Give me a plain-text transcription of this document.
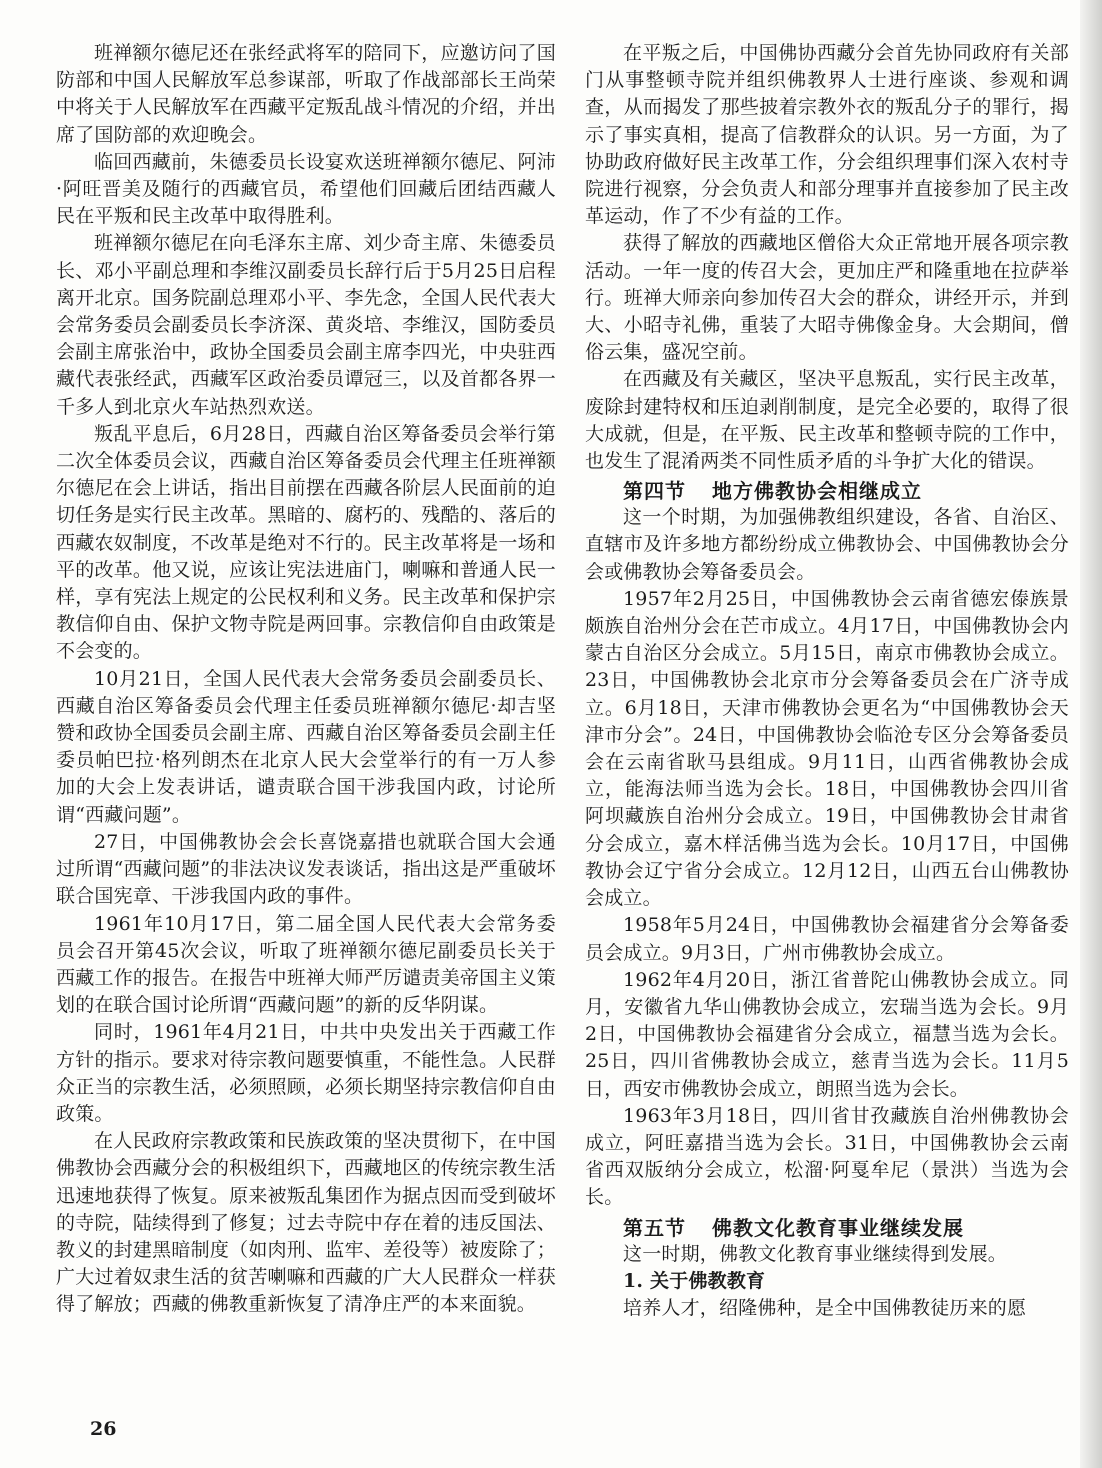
班禅额尔德尼还在张经武将军的陪同下，应邀访问了国防部和中国人民解放军总参谋部，听取了作战部部长王尚荣中将关于人民解放军在西藏平定叛乱战斗情况的介绍，并出席了国防部的欢迎晚会。

临回西藏前，朱德委员长设宴欢送班禅额尔德尼、阿沛·阿旺晋美及随行的西藏官员，希望他们回藏后团结西藏人民在平叛和民主改革中取得胜利。

班禅额尔德尼在向毛泽东主席、刘少奇主席、朱德委员长、邓小平副总理和李维汉副委员长辞行后于5月25日启程离开北京。国务院副总理邓小平、李先念，全国人民代表大会常务委员会副委员长李济深、黄炎培、李维汉，国防委员会副主席张治中，政协全国委员会副主席李四光，中央驻西藏代表张经武，西藏军区政治委员谭冠三，以及首都各界一千多人到北京火车站热烈欢送。

叛乱平息后，6月28日，西藏自治区筹备委员会举行第二次全体委员会议，西藏自治区筹备委员会代理主任班禅额尔德尼在会上讲话，指出目前摆在西藏各阶层人民面前的迫切任务是实行民主改革。黑暗的、腐朽的、残酷的、落后的西藏农奴制度，不改革是绝对不行的。民主改革将是一场和平的改革。他又说，应该让宪法进庙门，喇嘛和普通人民一样，享有宪法上规定的公民权利和义务。民主改革和保护宗教信仰自由、保护文物寺院是两回事。宗教信仰自由政策是不会变的。

10月21日，全国人民代表大会常务委员会副委员长、西藏自治区筹备委员会代理主任委员班禅额尔德尼·却吉坚赞和政协全国委员会副主席、西藏自治区筹备委员会副主任委员帕巴拉·格列朗杰在北京人民大会堂举行的有一万人参加的大会上发表讲话，谴责联合国干涉我国内政，讨论所谓“西藏问题”。

27日，中国佛教协会会长喜饶嘉措也就联合国大会通过所谓“西藏问题”的非法决议发表谈话，指出这是严重破坏联合国宪章、干涉我国内政的事件。

1961年10月17日，第二届全国人民代表大会常务委员会召开第45次会议，听取了班禅额尔德尼副委员长关于西藏工作的报告。在报告中班禅大师严厉谴责美帝国主义策划的在联合国讨论所谓“西藏问题”的新的反华阴谋。

同时，1961年4月21日，中共中央发出关于西藏工作方针的指示。要求对待宗教问题要慎重，不能性急。人民群众正当的宗教生活，必须照顾，必须长期坚持宗教信仰自由政策。

在人民政府宗教政策和民族政策的坚决贯彻下，在中国佛教协会西藏分会的积极组织下，西藏地区的传统宗教生活迅速地获得了恢复。原来被叛乱集团作为据点因而受到破坏的寺院，陆续得到了修复；过去寺院中存在着的违反国法、教义的封建黑暗制度（如肉刑、监牢、差役等）被废除了；广大过着奴隶生活的贫苦喇嘛和西藏的广大人民群众一样获得了解放；西藏的佛教重新恢复了清净庄严的本来面貌。

在平叛之后，中国佛协西藏分会首先协同政府有关部门从事整顿寺院并组织佛教界人士进行座谈、参观和调查，从而揭发了那些披着宗教外衣的叛乱分子的罪行，揭示了事实真相，提高了信教群众的认识。另一方面，为了协助政府做好民主改革工作，分会组织理事们深入农村寺院进行视察，分会负责人和部分理事并直接参加了民主改革运动，作了不少有益的工作。

获得了解放的西藏地区僧俗大众正常地开展各项宗教活动。一年一度的传召大会，更加庄严和隆重地在拉萨举行。班禅大师亲向参加传召大会的群众，讲经开示，并到大、小昭寺礼佛，重装了大昭寺佛像金身。大会期间，僧俗云集，盛况空前。

在西藏及有关藏区，坚决平息叛乱，实行民主改革，废除封建特权和压迫剥削制度，是完全必要的，取得了很大成就，但是，在平叛、民主改革和整顿寺院的工作中，也发生了混淆两类不同性质矛盾的斗争扩大化的错误。

第四节 地方佛教协会相继成立

这一个时期，为加强佛教组织建设，各省、自治区、直辖市及许多地方都纷纷成立佛教协会、中国佛教协会分会或佛教协会筹备委员会。

1957年2月25日，中国佛教协会云南省德宏傣族景颇族自治州分会在芒市成立。4月17日，中国佛教协会内蒙古自治区分会成立。5月15日，南京市佛教协会成立。23日，中国佛教协会北京市分会筹备委员会在广济寺成立。6月18日，天津市佛教协会更名为“中国佛教协会天津市分会”。24日，中国佛教协会临沧专区分会筹备委员会在云南省耿马县组成。9月11日，山西省佛教协会成立，能海法师当选为会长。18日，中国佛教协会四川省阿坝藏族自治州分会成立。19日，中国佛教协会甘肃省分会成立，嘉木样活佛当选为会长。10月17日，中国佛教协会辽宁省分会成立。12月12日，山西五台山佛教协会成立。

1958年5月24日，中国佛教协会福建省分会筹备委员会成立。9月3日，广州市佛教协会成立。

1962年4月20日，浙江省普陀山佛教协会成立。同月，安徽省九华山佛教协会成立，宏瑞当选为会长。9月2日，中国佛教协会福建省分会成立，福慧当选为会长。25日，四川省佛教协会成立，慈青当选为会长。11月5日，西安市佛教协会成立，朗照当选为会长。

1963年3月18日，四川省甘孜藏族自治州佛教协会成立，阿旺嘉措当选为会长。31日，中国佛教协会云南省西双版纳分会成立，松溜·阿戛牟尼（景洪）当选为会长。

第五节 佛教文化教育事业继续发展

这一时期，佛教文化教育事业继续得到发展。

1. 关于佛教教育

培养人才，绍隆佛种，是全中国佛教徒历来的愿

26
